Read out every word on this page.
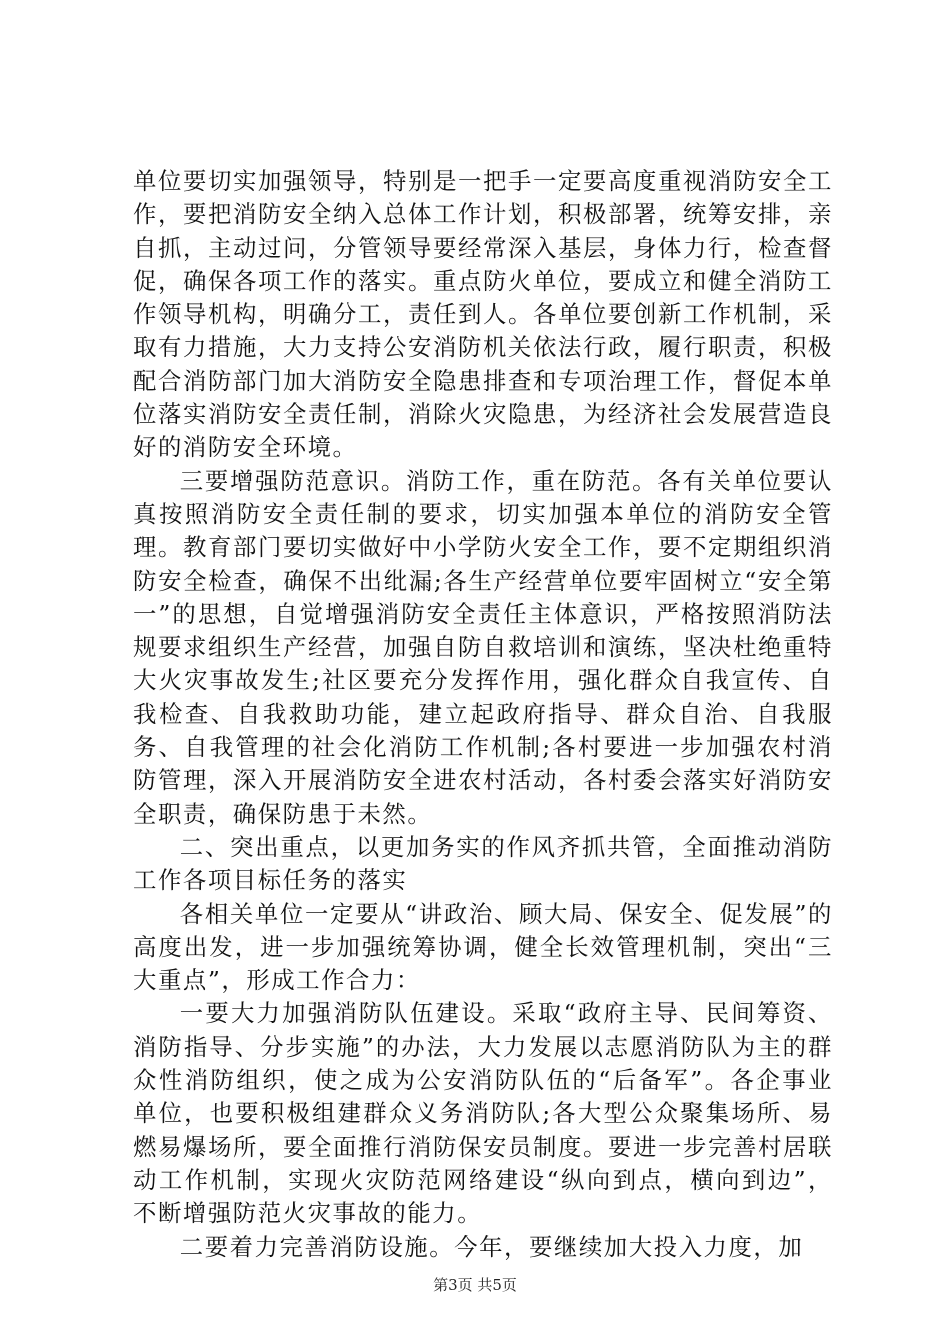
单位要切实加强领导，特别是一把手一定要高度重视消防安全工作，要把消防安全纳入总体工作计划，积极部署，统筹安排，亲自抓，主动过问，分管领导要经常深入基层，身体力行，检查督促，确保各项工作的落实。重点防火单位，要成立和健全消防工作领导机构，明确分工，责任到人。各单位要创新工作机制，采取有力措施，大力支持公安消防机关依法行政，履行职责，积极配合消防部门加大消防安全隐患排查和专项治理工作，督促本单位落实消防安全责任制，消除火灾隐患，为经济社会发展营造良好的消防安全环境。

三要增强防范意识。消防工作，重在防范。各有关单位要认真按照消防安全责任制的要求，切实加强本单位的消防安全管理。教育部门要切实做好中小学防火安全工作，要不定期组织消防安全检查，确保不出纰漏;各生产经营单位要牢固树立“安全第一”的思想，自觉增强消防安全责任主体意识，严格按照消防法规要求组织生产经营，加强自防自救培训和演练，坚决杜绝重特大火灾事故发生;社区要充分发挥作用，强化群众自我宣传、自我检查、自我救助功能，建立起政府指导、群众自治、自我服务、自我管理的社会化消防工作机制;各村要进一步加强农村消防管理，深入开展消防安全进农村活动，各村委会落实好消防安全职责，确保防患于未然。

二、突出重点，以更加务实的作风齐抓共管，全面推动消防工作各项目标任务的落实

各相关单位一定要从“讲政治、顾大局、保安全、促发展”的高度出发，进一步加强统筹协调，健全长效管理机制，突出“三大重点”，形成工作合力：

一要大力加强消防队伍建设。采取“政府主导、民间筹资、消防指导、分步实施”的办法，大力发展以志愿消防队为主的群众性消防组织，使之成为公安消防队伍的“后备军”。各企事业单位，也要积极组建群众义务消防队;各大型公众聚集场所、易燃易爆场所，要全面推行消防保安员制度。要进一步完善村居联动工作机制，实现火灾防范网络建设“纵向到点，横向到边”，不断增强防范火灾事故的能力。

二要着力完善消防设施。今年，要继续加大投入力度，加

第3页 共5页
